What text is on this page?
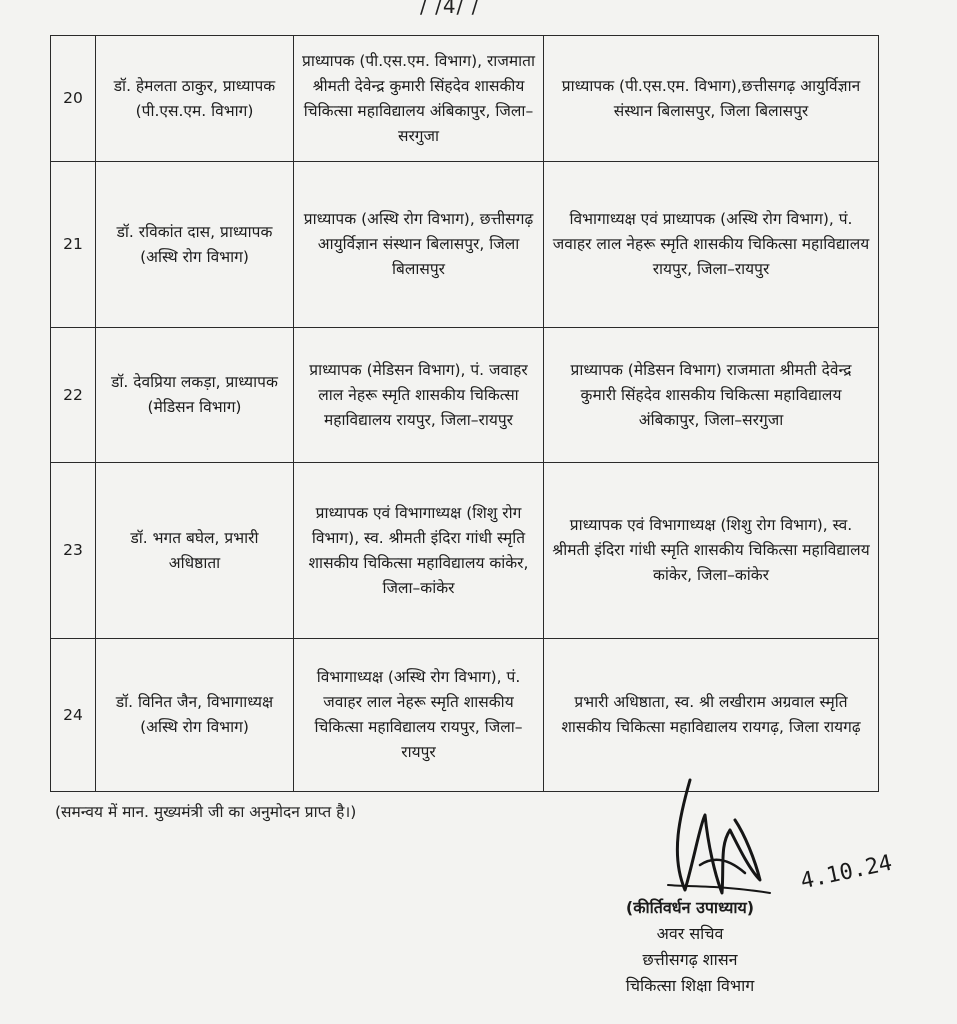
/ /4/ /
20	डॉ. हेमलता ठाकुर, प्राध्यापक (पी.एस.एम. विभाग)	प्राध्यापक (पी.एस.एम. विभाग), राजमाता श्रीमती देवेन्द्र कुमारी सिंहदेव शासकीय चिकित्सा महाविद्यालय अंबिकापुर, जिला–सरगुजा	प्राध्यापक (पी.एस.एम. विभाग),छत्तीसगढ़ आयुर्विज्ञान संस्थान बिलासपुर, जिला बिलासपुर
21	डॉ. रविकांत दास, प्राध्यापक (अस्थि रोग विभाग)	प्राध्यापक (अस्थि रोग विभाग), छत्तीसगढ़ आयुर्विज्ञान संस्थान बिलासपुर, जिला बिलासपुर	विभागाध्यक्ष एवं प्राध्यापक (अस्थि रोग विभाग), पं. जवाहर लाल नेहरू स्मृति शासकीय चिकित्सा महाविद्यालय रायपुर, जिला–रायपुर
22	डॉ. देवप्रिया लकड़ा, प्राध्यापक (मेडिसन विभाग)	प्राध्यापक (मेडिसन विभाग), पं. जवाहर लाल नेहरू स्मृति शासकीय चिकित्सा महाविद्यालय रायपुर, जिला–रायपुर	प्राध्यापक (मेडिसन विभाग) राजमाता श्रीमती देवेन्द्र कुमारी सिंहदेव शासकीय चिकित्सा महाविद्यालय अंबिकापुर, जिला–सरगुजा
23	डॉ. भगत बघेल, प्रभारी अधिष्ठाता	प्राध्यापक एवं विभागाध्यक्ष (शिशु रोग विभाग), स्व. श्रीमती इंदिरा गांधी स्मृति शासकीय चिकित्सा महाविद्यालय कांकेर, जिला–कांकेर	प्राध्यापक एवं विभागाध्यक्ष (शिशु रोग विभाग), स्व. श्रीमती इंदिरा गांधी स्मृति शासकीय चिकित्सा महाविद्यालय कांकेर, जिला–कांकेर
24	डॉ. विनित जैन, विभागाध्यक्ष (अस्थि रोग विभाग)	विभागाध्यक्ष (अस्थि रोग विभाग), पं. जवाहर लाल नेहरू स्मृति शासकीय चिकित्सा महाविद्यालय रायपुर, जिला–रायपुर	प्रभारी अधिष्ठाता, स्व. श्री लखीराम अग्रवाल स्मृति शासकीय चिकित्सा महाविद्यालय रायगढ़, जिला रायगढ़
(समन्वय में मान. मुख्यमंत्री जी का अनुमोदन प्राप्त है।)
4.10.24
(कीर्तिवर्धन उपाध्याय)
अवर सचिव
छत्तीसगढ़ शासन
चिकित्सा शिक्षा विभाग
